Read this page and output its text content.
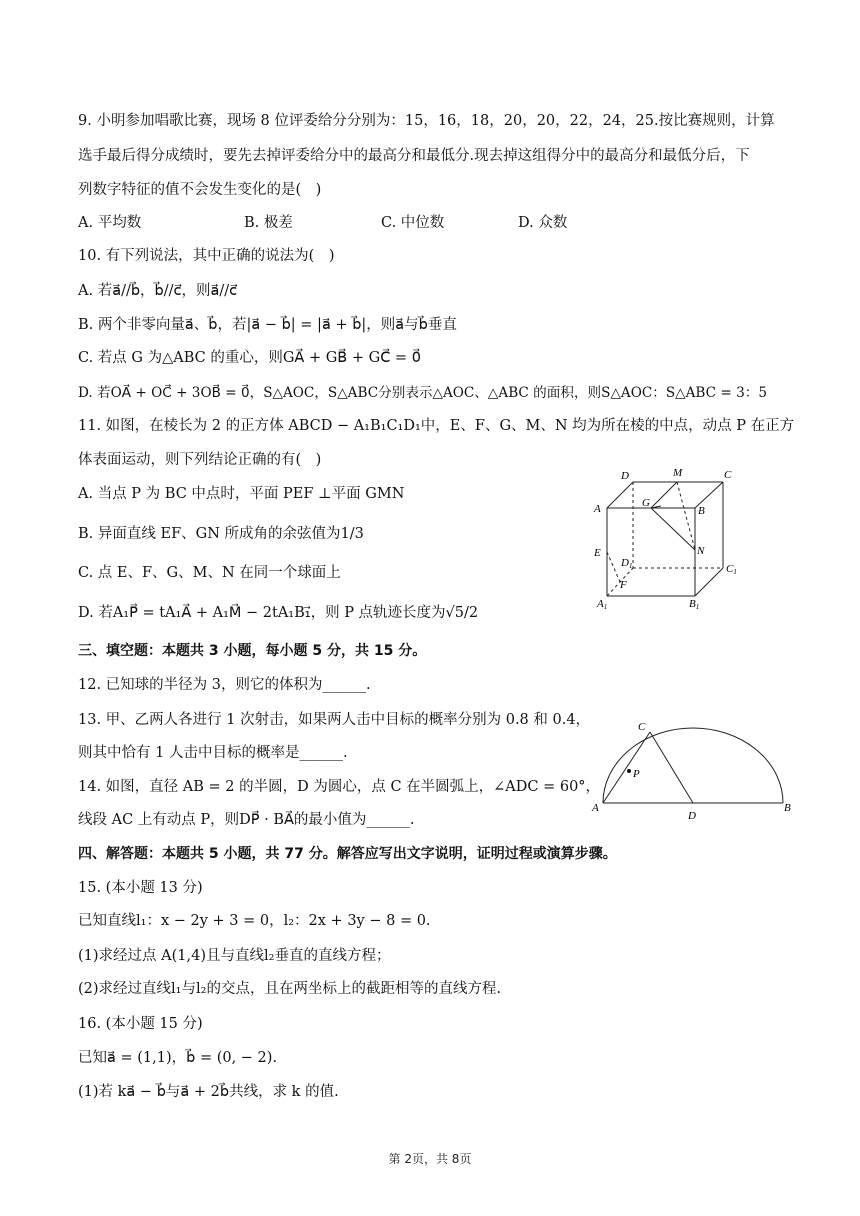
9. 小明参加唱歌比赛，现场 8 位评委给分分别为：15，16，18，20，20，22，24，25.按比赛规则，计算
选手最后得分成绩时，要先去掉评委给分中的最高分和最低分.现去掉这组得分中的最高分和最低分后，下
列数字特征的值不会发生变化的是(　)
A. 平均数	B. 极差	C. 中位数	D. 众数
10. 有下列说法，其中正确的说法为(　)
A. 若a⃗//b⃗，b⃗//c⃗，则a⃗//c⃗
B. 两个非零向量a⃗、b⃗，若|a⃗ − b⃗| = |a⃗ + b⃗|，则a⃗与b⃗垂直
C. 若点 G 为△ABC 的重心，则GA⃗ + GB⃗ + GC⃗ = 0⃗
D. 若OA⃗ + OC⃗ + 3OB⃗ = 0⃗，S△AOC，S△ABC分别表示△AOC、△ABC 的面积，则S△AOC：S△ABC = 3：5
11. 如图，在棱长为 2 的正方体 ABCD − A₁B₁C₁D₁中，E、F、G、M、N 均为所在棱的中点，动点 P 在正方
体表面运动，则下列结论正确的有(　)
A. 当点 P 为 BC 中点时，平面 PEF ⊥平面 GMN
B. 异面直线 EF、GN 所成角的余弦值为1/3
C. 点 E、F、G、M、N 在同一个球面上
D. 若A₁P⃗ = tA₁A⃗ + A₁M⃗ − 2tA₁B₁⃗，则 P 点轨迹长度为√5/2
三、填空题：本题共 3 小题，每小题 5 分，共 15 分。
12. 已知球的半径为 3，则它的体积为______.
13. 甲、乙两人各进行 1 次射击，如果两人击中目标的概率分别为 0.8 和 0.4，
则其中恰有 1 人击中目标的概率是______.
14. 如图，直径 AB = 2 的半圆，D 为圆心，点 C 在半圆弧上，∠ADC = 60°，
线段 AC 上有动点 P，则DP⃗ · BA⃗的最小值为______.
四、解答题：本题共 5 小题，共 77 分。解答应写出文字说明，证明过程或演算步骤。
15. (本小题 13 分)
已知直线l₁：x − 2y + 3 = 0，l₂：2x + 3y − 8 = 0.
(1)求经过点 A(1,4)且与直线l₂垂直的直线方程；
(2)求经过直线l₁与l₂的交点，且在两坐标上的截距相等的直线方程.
16. (本小题 15 分)
已知a⃗ = (1,1)，b⃗ = (0, − 2).
(1)若 ka⃗ − b⃗与a⃗ + 2b⃗共线，求 k 的值.
D	M	C
A	G
B
E	N
D1	C1
F
A1	B1
C
P
A
D
B
第 2页，共 8页
